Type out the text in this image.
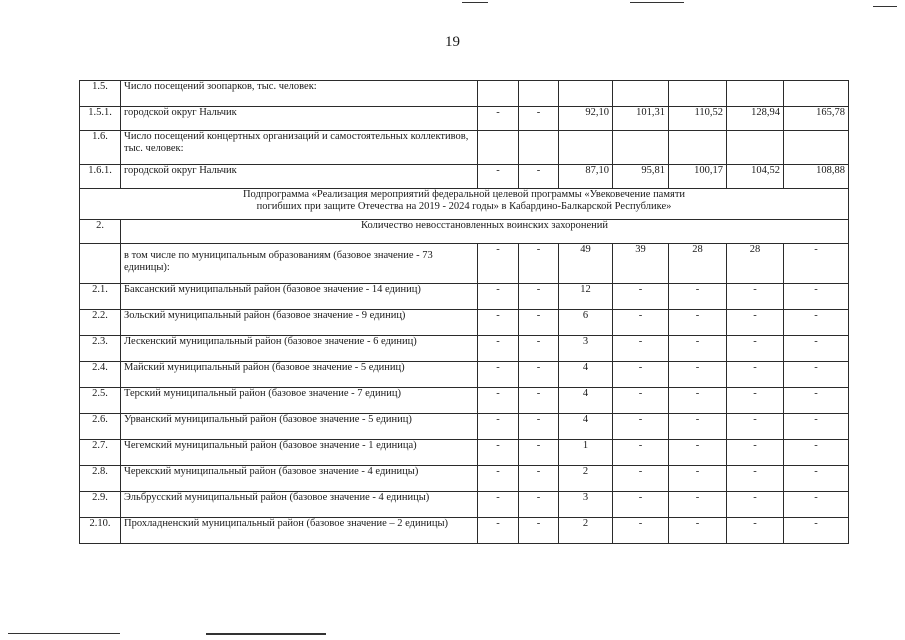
19
1.5.	Число посещений зоопарков, тыс. человек:							
1.5.1.	городской округ Нальчик	-	-	92,10	101,31	110,52	128,94	165,78
1.6.	Число посещений концертных организаций и самостоятельных коллективов, тыс. человек:							
1.6.1.	городской округ Нальчик	-	-	87,10	95,81	100,17	104,52	108,88
Подпрограмма «Реализация мероприятий федеральной целевой программы «Увековечение памяти погибших при защите Отечества на 2019 - 2024 годы» в Кабардино-Балкарской Республике»								
2.	Количество невосстановленных воинских захоронений							
	в том числе по муниципальным образованиям (базовое значение - 73 единицы):	-	-	49	39	28	28	-
2.1.	Баксанский муниципальный район (базовое значение - 14 единиц)	-	-	12	-	-	-	-
2.2.	Зольский муниципальный район (базовое значение - 9 единиц)	-	-	6	-	-	-	-
2.3.	Лескенский муниципальный район (базовое значение - 6 единиц)	-	-	3	-	-	-	-
2.4.	Майский муниципальный район (базовое значение - 5 единиц)	-	-	4	-	-	-	-
2.5.	Терский муниципальный район (базовое значение - 7 единиц)	-	-	4	-	-	-	-
2.6.	Урванский муниципальный район (базовое значение - 5 единиц)	-	-	4	-	-	-	-
2.7.	Чегемский муниципальный район (базовое значение - 1 единица)	-	-	1	-	-	-	-
2.8.	Черекский муниципальный район (базовое значение - 4 единицы)	-	-	2	-	-	-	-
2.9.	Эльбрусский муниципальный район (базовое значение - 4 единицы)	-	-	3	-	-	-	-
2.10.	Прохладненский муниципальный район (базовое значение – 2 единицы)	-	-	2	-	-	-	-
